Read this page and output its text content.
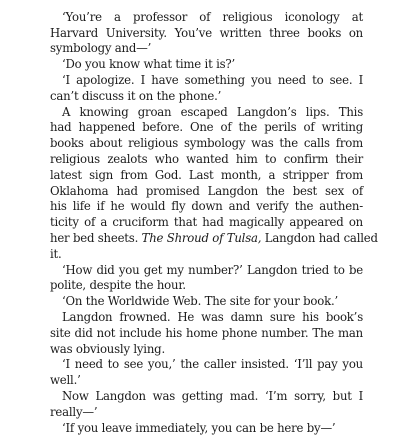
‘You’re a professor of religious iconology at
Harvard University. You’ve written three books on
symbology and—’
‘Do you know what time it is?’
‘I apologize. I have something you need to see. I
can’t discuss it on the phone.’
A knowing groan escaped Langdon’s lips. This
had happened before. One of the perils of writing
books about religious symbology was the calls from
religious zealots who wanted him to confirm their
latest sign from God. Last month, a stripper from
Oklahoma had promised Langdon the best sex of
his life if he would fly down and verify the authen-
ticity of a cruciform that had magically appeared on
her bed sheets. The Shroud of Tulsa, Langdon had called
it.
‘How did you get my number?’ Langdon tried to be
polite, despite the hour.
‘On the Worldwide Web. The site for your book.’
Langdon frowned. He was damn sure his book’s
site did not include his home phone number. The man
was obviously lying.
‘I need to see you,’ the caller insisted. ‘I’ll pay you
well.’
Now Langdon was getting mad. ‘I’m sorry, but I
really—’
‘If you leave immediately, you can be here by—’
